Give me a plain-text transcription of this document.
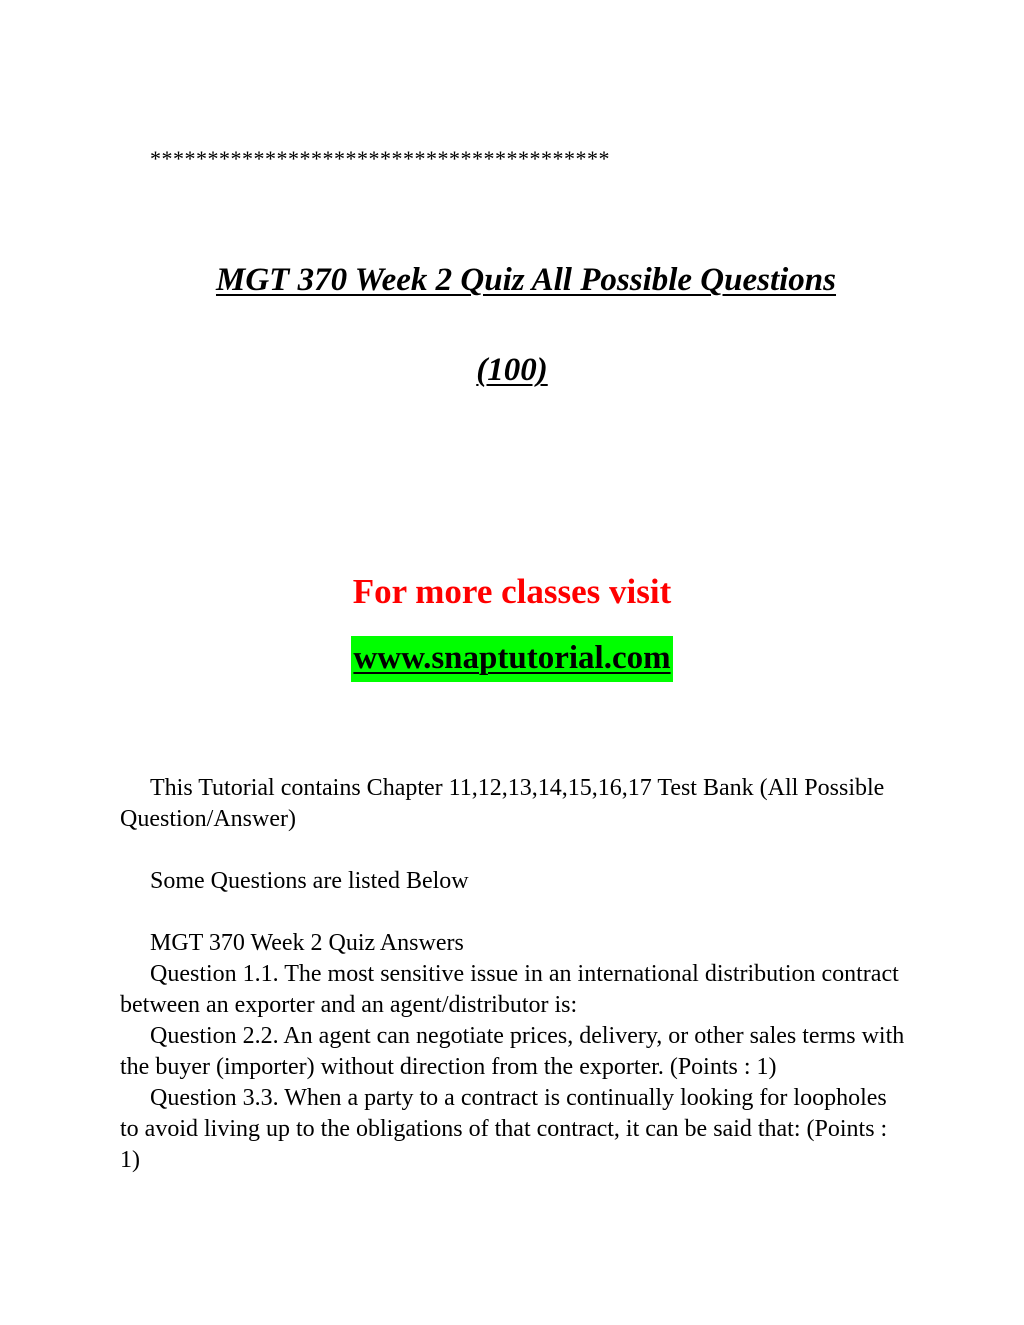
****************************************
MGT 370 Week 2 Quiz All Possible Questions
(100)
For more classes visit
www.snaptutorial.com

This Tutorial contains Chapter 11,12,13,14,15,16,17 Test Bank (All Possible Question/Answer)

Some Questions are listed Below

MGT 370 Week 2 Quiz Answers

Question 1.1. The most sensitive issue in an international distribution contract between an exporter and an agent/distributor is:

Question 2.2. An agent can negotiate prices, delivery, or other sales terms with the buyer (importer) without direction from the exporter. (Points : 1)

Question 3.3. When a party to a contract is continually looking for loopholes to avoid living up to the obligations of that contract, it can be said that: (Points : 1)
